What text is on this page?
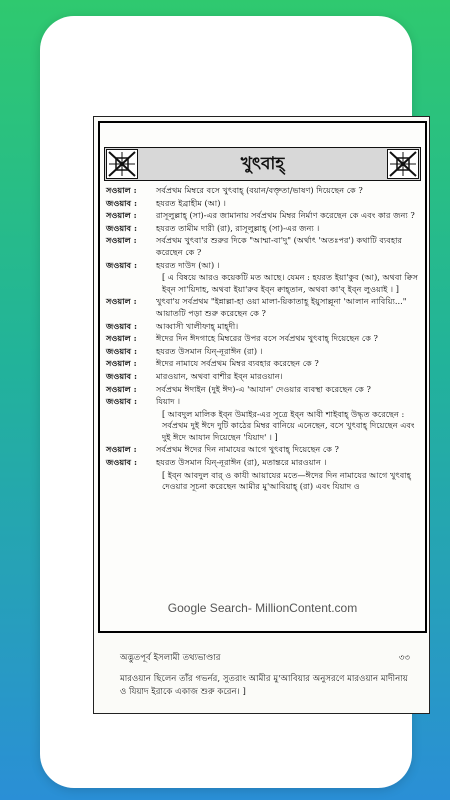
খুৎবাহ্
সওয়াল :	সর্বপ্রথম মিম্বরে বসে খুৎবাহ্ (বয়ান/বক্তৃতা/ভাষণ) দিয়েছেন কে ?
জওয়াব :	হযরত ইব্রাহীম (আ) ।
সওয়াল :	রাসূলুল্লাহ্ (সা)-এর জামানায় সর্বপ্রথম মিম্বর নির্মাণ করেছেন কে এবং কার জন্য ?
জওয়াব :	হযরত তামীম দারী (রা), রাসূলুল্লাহ্ (সা)-এর জন্য ।
সওয়াল :	সর্বপ্রথম খুৎবা'র শুরুর দিকে "আম্মা-বা'দু" (অর্থাৎ 'অতঃপর') কথাটি ব্যবহার করেছেন কে ?
জওয়াব :	হযরত দাউদ (আ) ।
[ এ বিষয়ে আরও কয়েকটি মত আছে। যেমন : হযরত ইয়া'কুব (আ), অথবা ক্বিস ইব্ন সা'য়িদাহ, অথবা ইয়া'রুব ইব্ন ক্বাহ্তান, অথবা কা'ব্ ইব্ন লুওয়াই । ]
সওয়াল :	খুৎবা'য় সর্বপ্রথম "ইন্নাল্লা-হা ওয়া মালা-য়িকাতাহূ ইয়ুসাল্লূনা 'আলান নাবিয়্যি..." আয়াতটি পড়া শুরু করেছেন কে ?
জওয়াব :	আব্বাসী খালীফাহ্ মাহ্দী।
সওয়াল :	ঈদের দিন ঈদগাহে মিম্বরের উপর বসে সর্বপ্রথম খুৎবাহ্ দিয়েছেন কে ?
জওয়াব :	হযরত উসমান যিন্-নূরাঈন (রা) ।
সওয়াল :	ঈদের নামাযে সর্বপ্রথম মিম্বর ব্যবহার করেছেন কে ?
জওয়াব :	মারওয়ান, অথবা বাশীর ইব্ন মারওয়ান।
সওয়াল :	সর্বপ্রথম ঈদাইন (দুই ঈদ)-এ 'আযান' দেওয়ার ব্যবস্থা করেছেন কে ?
জওয়াব :	যিয়াদ ।
[ আবদুল মালিক ইব্ন উমাইর-এর সূত্রে ইব্ন আবী শাইবাহ্ উদ্ধৃত করেছেন : সর্বপ্রথম দুই ঈদে দুটি কাঠের মিম্বর বানিয়ে এনেছেন, বসে খুৎবাহ্ দিয়েছেন এবং দুই ঈদে আযান দিয়েছেন 'যিয়াদ' । ]
সওয়াল :	সর্বপ্রথম ঈদের দিন নামাযের আগে খুৎবাহ্ দিয়েছেন কে ?
জওয়াব :	হযরত উসমান যিন্-নূরাঈন (রা), মতান্তরে মারওয়ান ।
[ ইব্ন আবদুল বার্ ও কাযী আয়াযের মতে—ঈদের দিন নামাযের আগে খুৎবাহ্ দেওয়ার সূচনা করেছেন আমীর মু'আবিয়াহ্ (রা) এবং যিয়াদ ও
Google Search- MillionContent.com
অদ্ভুতপূর্ব ইসলামী তথ্যভাণ্ডার	৩৩
মারওয়ান ছিলেন তাঁর গভর্নর, সুতরাং আমীর মু'আবিয়ার অনুসরণে মারওয়ান মাদীনায় ও যিয়াদ ইরাকে একাজ শুরু করেন। ]
